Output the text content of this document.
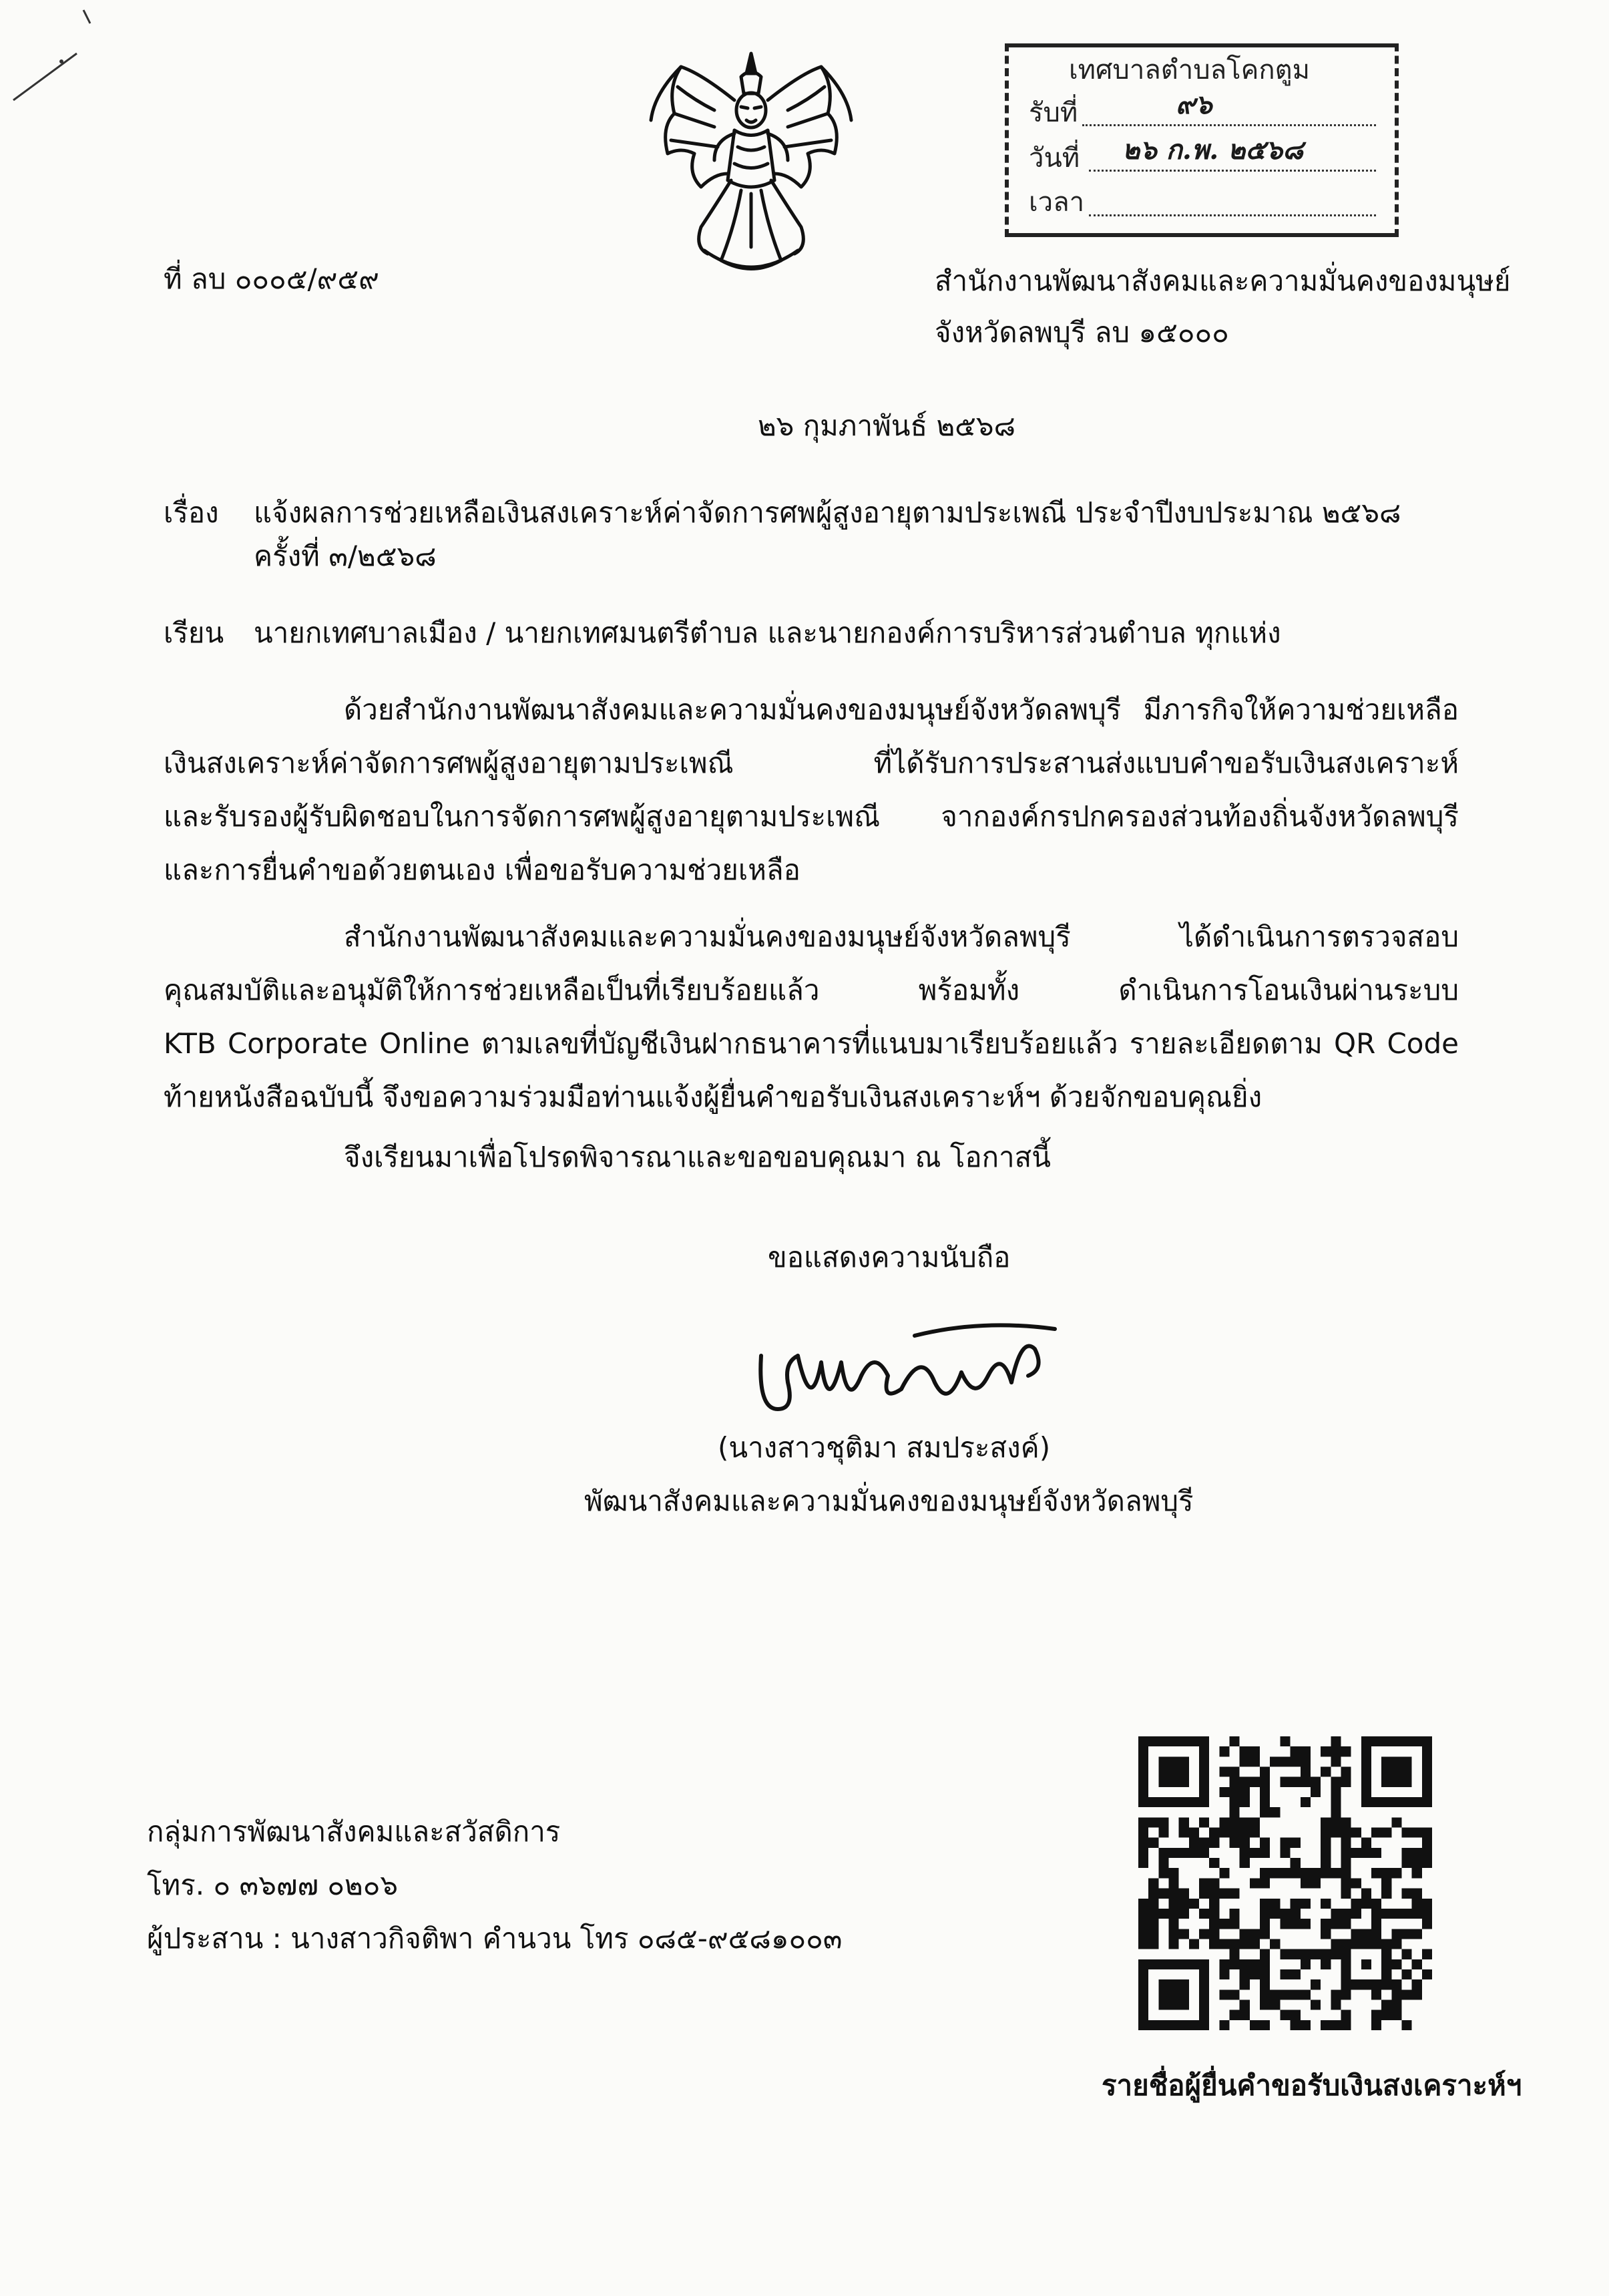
เทศบาลตำบลโคกตูม
รับที่	๙๖
วันที่ ๒๖ ก.พ. ๒๕๖๘
เวลา
ที่ ลบ ๐๐๐๕/๙๕๙	สำนักงานพัฒนาสังคมและความมั่นคงของมนุษย์
จังหวัดลพบุรี ลบ ๑๕๐๐๐
๒๖ กุมภาพันธ์ ๒๕๖๘
เรื่อง แจ้งผลการช่วยเหลือเงินสงเคราะห์ค่าจัดการศพผู้สูงอายุตามประเพณี ประจำปีงบประมาณ ๒๕๖๘
ครั้งที่ ๓/๒๕๖๘
เรียน นายกเทศบาลเมือง / นายกเทศมนตรีตำบล และนายกองค์การบริหารส่วนตำบล ทุกแห่ง
ด้วยสำนักงานพัฒนาสังคมและความมั่นคงของมนุษย์จังหวัดลพบุรี มีภารกิจให้ความช่วยเหลือ
เงินสงเคราะห์ค่าจัดการศพผู้สูงอายุตามประเพณี ที่ได้รับการประสานส่งแบบคำขอรับเงินสงเคราะห์
และรับรองผู้รับผิดชอบในการจัดการศพผู้สูงอายุตามประเพณี จากองค์กรปกครองส่วนท้องถิ่นจังหวัดลพบุรี
และการยื่นคำขอด้วยตนเอง เพื่อขอรับความช่วยเหลือ
สำนักงานพัฒนาสังคมและความมั่นคงของมนุษย์จังหวัดลพบุรี ได้ดำเนินการตรวจสอบ
คุณสมบัติและอนุมัติให้การช่วยเหลือเป็นที่เรียบร้อยแล้ว พร้อมทั้ง ดำเนินการโอนเงินผ่านระบบ
KTB Corporate Online ตามเลขที่บัญชีเงินฝากธนาคารที่แนบมาเรียบร้อยแล้ว รายละเอียดตาม QR Code
ท้ายหนังสือฉบับนี้ จึงขอความร่วมมือท่านแจ้งผู้ยื่นคำขอรับเงินสงเคราะห์ฯ ด้วยจักขอบคุณยิ่ง
จึงเรียนมาเพื่อโปรดพิจารณาและขอขอบคุณมา ณ โอกาสนี้
ขอแสดงความนับถือ
(นางสาวชุติมา สมประสงค์)
พัฒนาสังคมและความมั่นคงของมนุษย์จังหวัดลพบุรี
กลุ่มการพัฒนาสังคมและสวัสดิการ
โทร. ๐ ๓๖๗๗ ๐๒๐๖
ผู้ประสาน : นางสาวกิจติพา คำนวน โทร ๐๘๕-๙๕๘๑๐๐๓
รายชื่อผู้ยื่นคำขอรับเงินสงเคราะห์ฯ
